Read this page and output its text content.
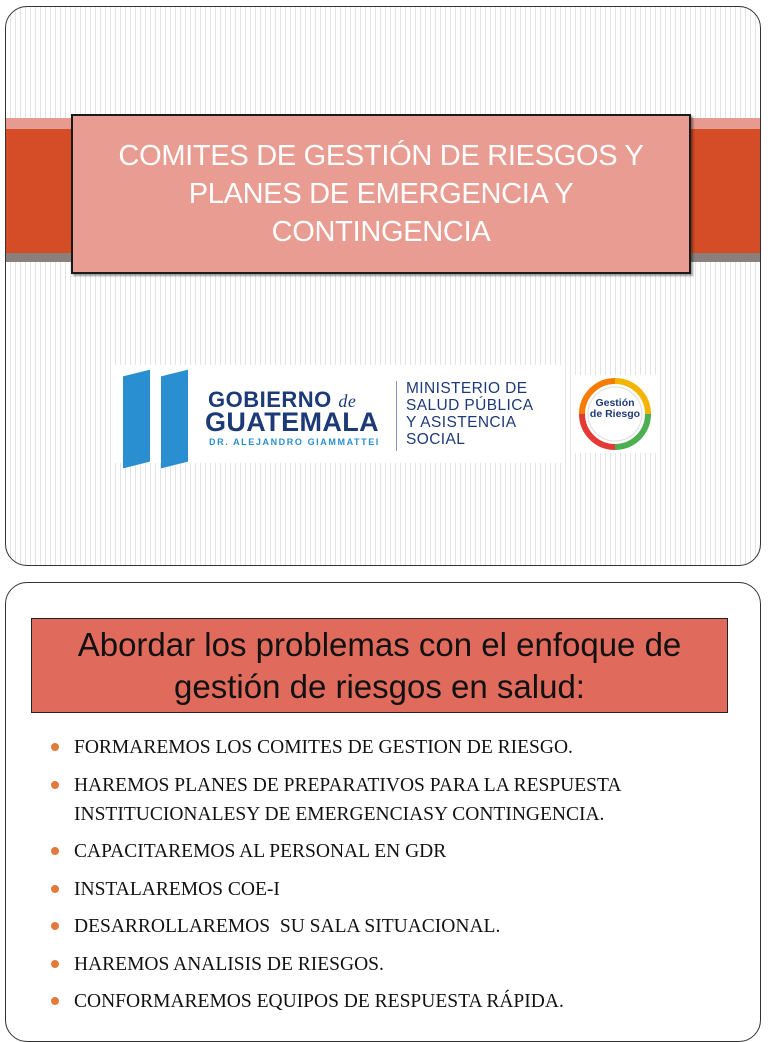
COMITES DE GESTIÓN DE RIESGOS Y
PLANES DE EMERGENCIA Y
CONTINGENCIA
GOBIERNO de
GUATEMALA
DR. ALEJANDRO GIAMMATTEI
MINISTERIO DE
SALUD PÚBLICA
Y ASISTENCIA
SOCIAL
Gestión
de Riesgo
Abordar los problemas con el enfoque de
gestión de riesgos en salud:
FORMAREMOS LOS COMITES DE GESTION DE RIESGO.
HAREMOS PLANES DE PREPARATIVOS PARA LA RESPUESTA
INSTITUCIONALESY DE EMERGENCIASY CONTINGENCIA.
CAPACITAREMOS AL PERSONAL EN GDR
INSTALAREMOS COE-I
DESARROLLAREMOS  SU SALA SITUACIONAL.
HAREMOS ANALISIS DE RIESGOS.
CONFORMAREMOS EQUIPOS DE RESPUESTA RÁPIDA.
